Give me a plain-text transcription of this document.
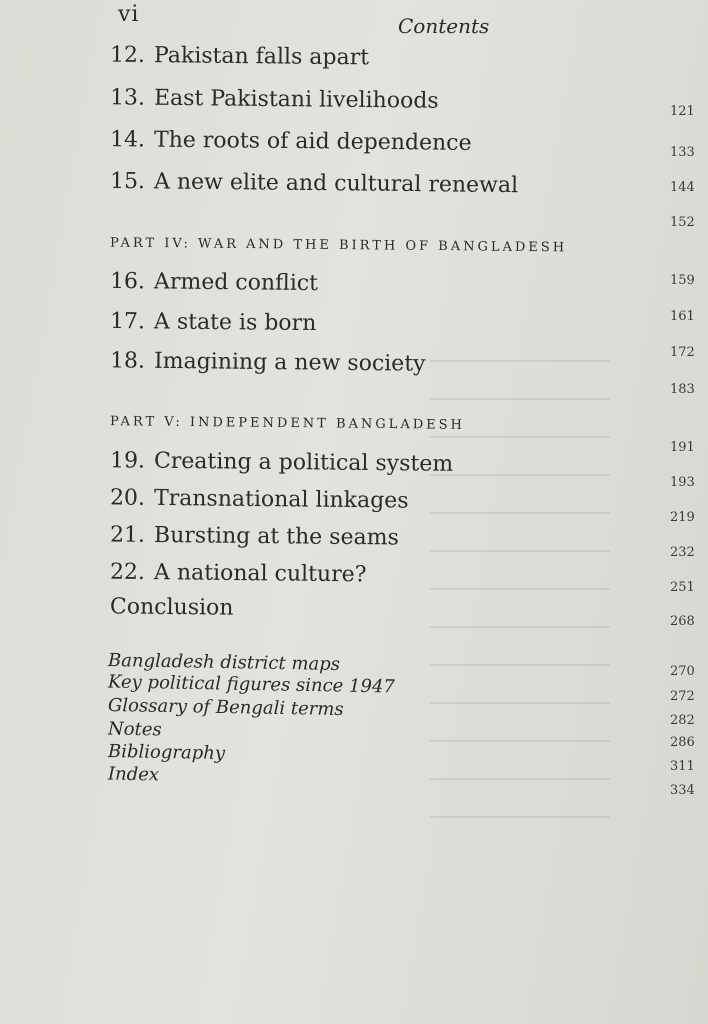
vi	Contents
12. Pakistan falls apart
13. East Pakistani livelihoods
14. The roots of aid dependence
15. A new elite and cultural renewal
PART IV: WAR AND THE BIRTH OF BANGLADESH
16. Armed conflict
17. A state is born
18. Imagining a new society
PART V: INDEPENDENT BANGLADESH
19. Creating a political system
20. Transnational linkages
21. Bursting at the seams
22. A national culture?
Conclusion
Bangladesh district maps
Key political figures since 1947
Glossary of Bengali terms
Notes
Bibliography
Index
121
133
144
152
159
161
172
183
191
193
219
232
251
268
270
272
282
286
311
334
